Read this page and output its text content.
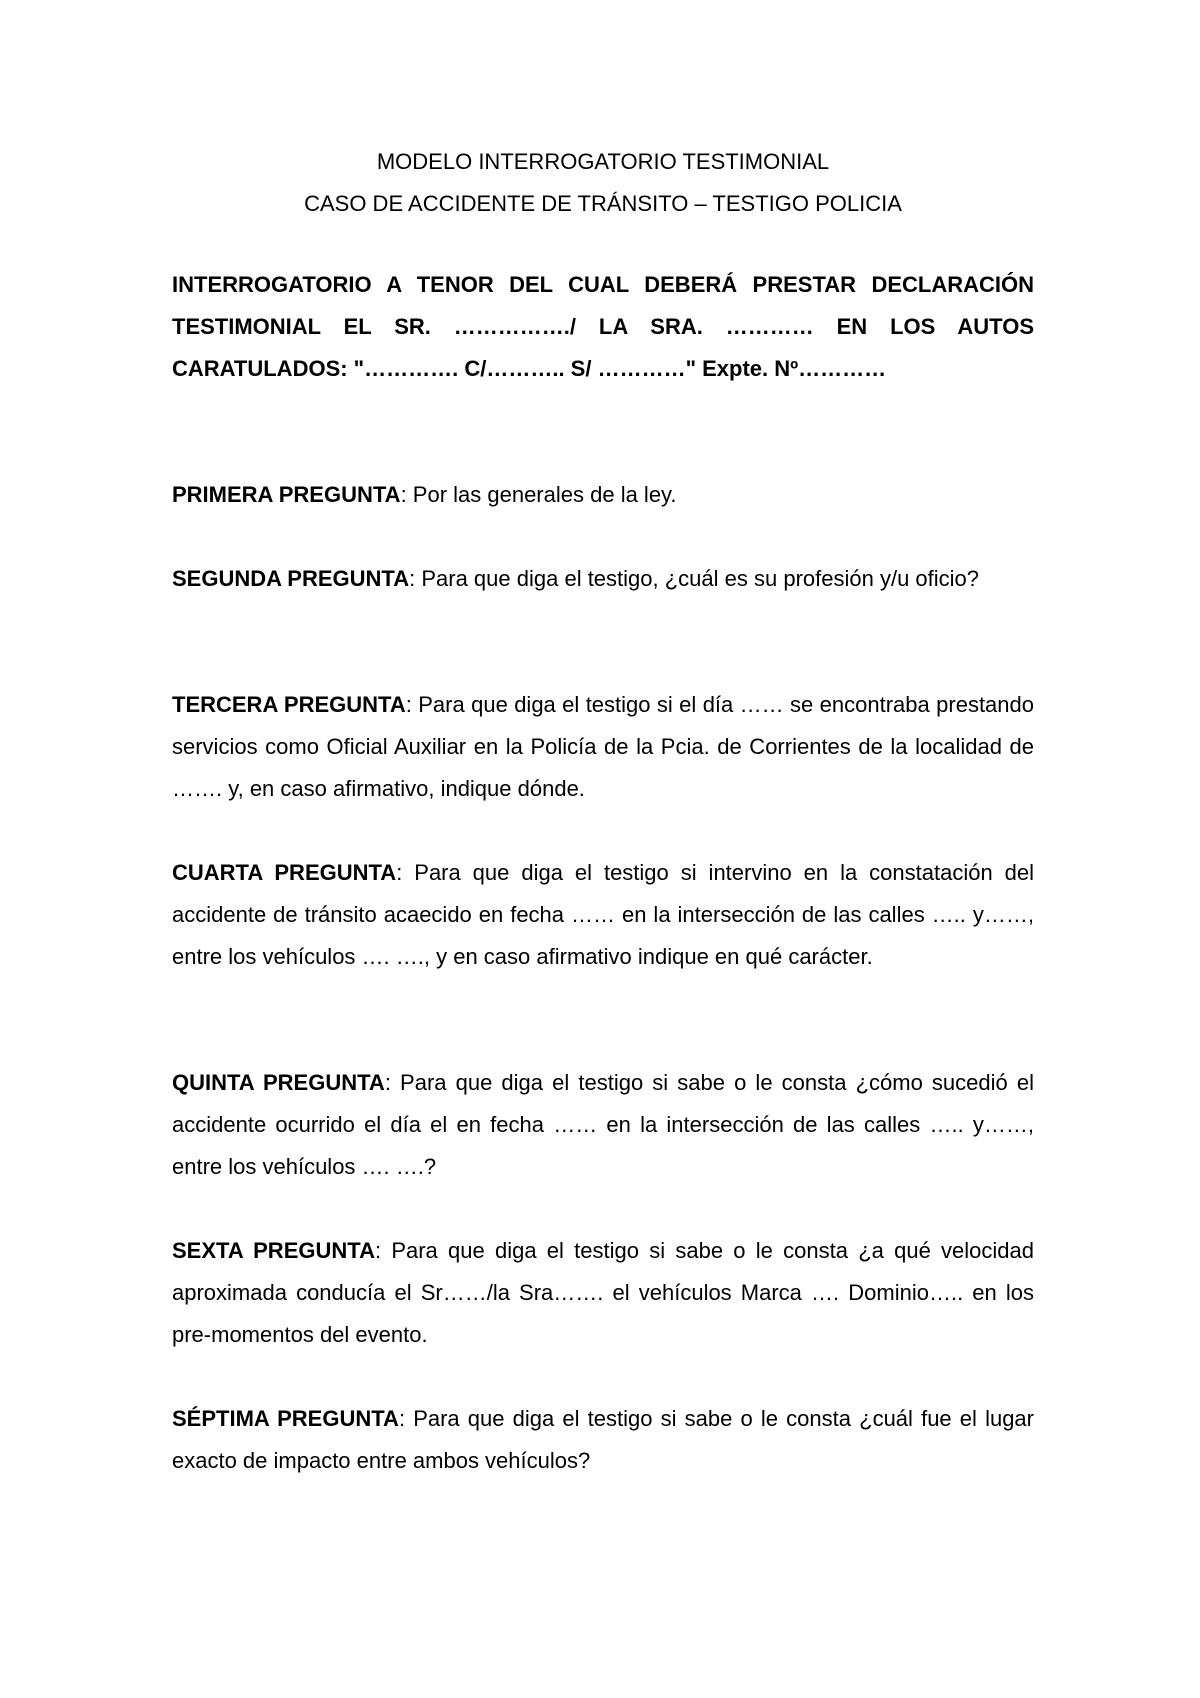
MODELO INTERROGATORIO TESTIMONIAL
CASO DE ACCIDENTE DE TRÁNSITO – TESTIGO POLICIA
INTERROGATORIO A TENOR DEL CUAL DEBERÁ PRESTAR DECLARACIÓN TESTIMONIAL EL SR. ……………./ LA SRA. ………… EN LOS AUTOS CARATULADOS: "…………. C/……….. S/ …………" Expte. Nº…………
PRIMERA PREGUNTA: Por las generales de la ley.
SEGUNDA PREGUNTA: Para que diga el testigo, ¿cuál es su profesión y/u oficio?
TERCERA PREGUNTA: Para que diga el testigo si el día …… se encontraba prestando servicios como Oficial Auxiliar en la Policía de la Pcia. de Corrientes de la localidad de ……. y, en caso afirmativo, indique dónde.
CUARTA PREGUNTA: Para que diga el testigo si intervino en la constatación del accidente de tránsito acaecido en fecha …… en la intersección de las calles ….. y……, entre los vehículos …. …., y en caso afirmativo indique en qué carácter.
QUINTA PREGUNTA: Para que diga el testigo si sabe o le consta ¿cómo sucedió el accidente ocurrido el día el en fecha …… en la intersección de las calles ….. y……, entre los vehículos …. ….?
SEXTA PREGUNTA: Para que diga el testigo si sabe o le consta ¿a qué velocidad aproximada conducía el Sr……/la Sra……. el vehículos Marca …. Dominio….. en los pre-momentos del evento.
SÉPTIMA PREGUNTA: Para que diga el testigo si sabe o le consta ¿cuál fue el lugar exacto de impacto entre ambos vehículos?
